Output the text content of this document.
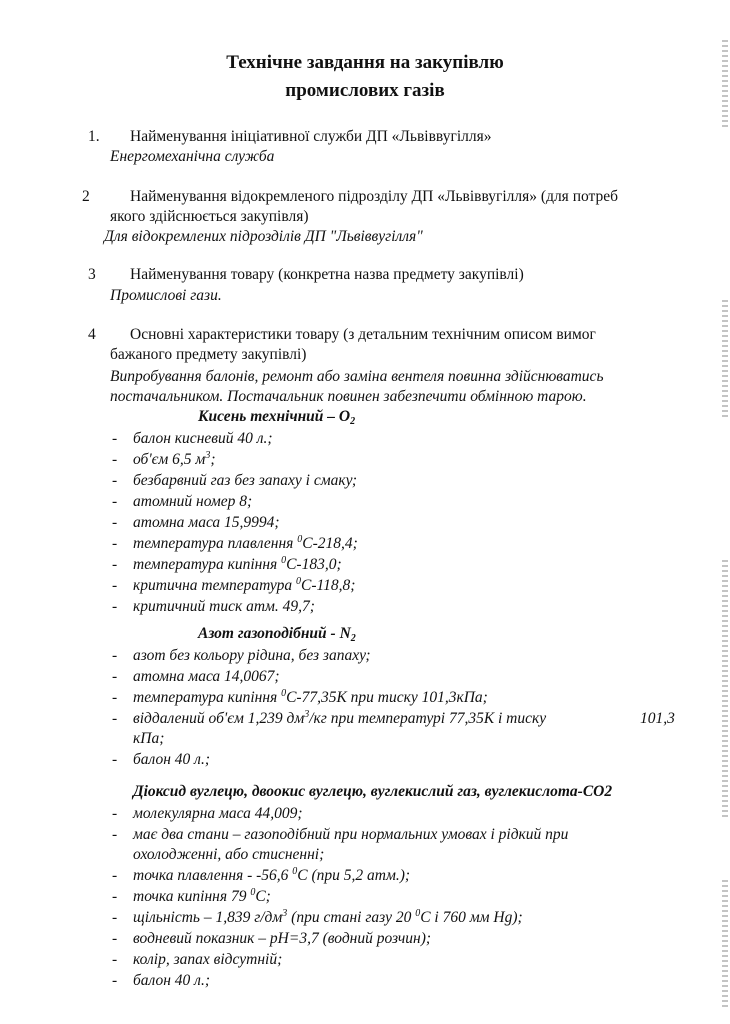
Технічне завдання на закупівлю
промислових газів
1. Найменування ініціативної служби ДП «Львіввугілля»
Енергомеханічна служба
2	Найменування відокремленого підрозділу ДП «Львіввугілля» (для потреб
якого здійснюється закупівля)
Для відокремлених підрозділів ДП "Львіввугілля"
3 Найменування товару (конкретна назва предмету закупівлі)
Промислові гази.
4 Основні характеристики товару (з детальним технічним описом вимог
бажаного предмету закупівлі)
Випробування балонів, ремонт або заміна вентеля повинна здійснюватись
постачальником. Постачальник повинен забезпечити обмінною тарою.
Кисень технічний – $О_2$
- балон кисневий 40 л.;
- об'єм 6,5 $м^3$;
- безбарвний газ без запаху і смаку;
- атомний номер 8;
- атомна маса 15,9994;
- температура плавлення $^0$С-218,4;
- температура кипіння $^0$С-183,0;
- критична температура $^0$С-118,8;
- критичний тиск атм. 49,7;
Азот газоподібний - $N_2$
- азот без кольору рідина, без запаху;
- атомна маса 14,0067;
- температура кипіння $^0$С-77,35К при тиску 101,3кПа;
- віддалений об'єм 1,239 $дм^3/кг$ при температурі 77,35К і тиску	101,3
кПа;
- балон 40 л.;
Діоксид вуглецю, двоокис вуглецю, вуглекислий газ, вуглекислота-CO2
- молекулярна маса 44,009;
- має два стани – газоподібний при нормальних умовах і рідкий при
охолодженні, або стисненні;
- точка плавлення - -56,6 $^0$С (при 5,2 атм.);
- точка кипіння 79 $^0$С;
- щільність – 1,839 $г/дм^3$ (при стані газу 20 $^0$С і 760 мм Hg);
- водневий показник – pH=3,7 (водний розчин);
- колір, запах відсутній;
- балон 40 л.;
